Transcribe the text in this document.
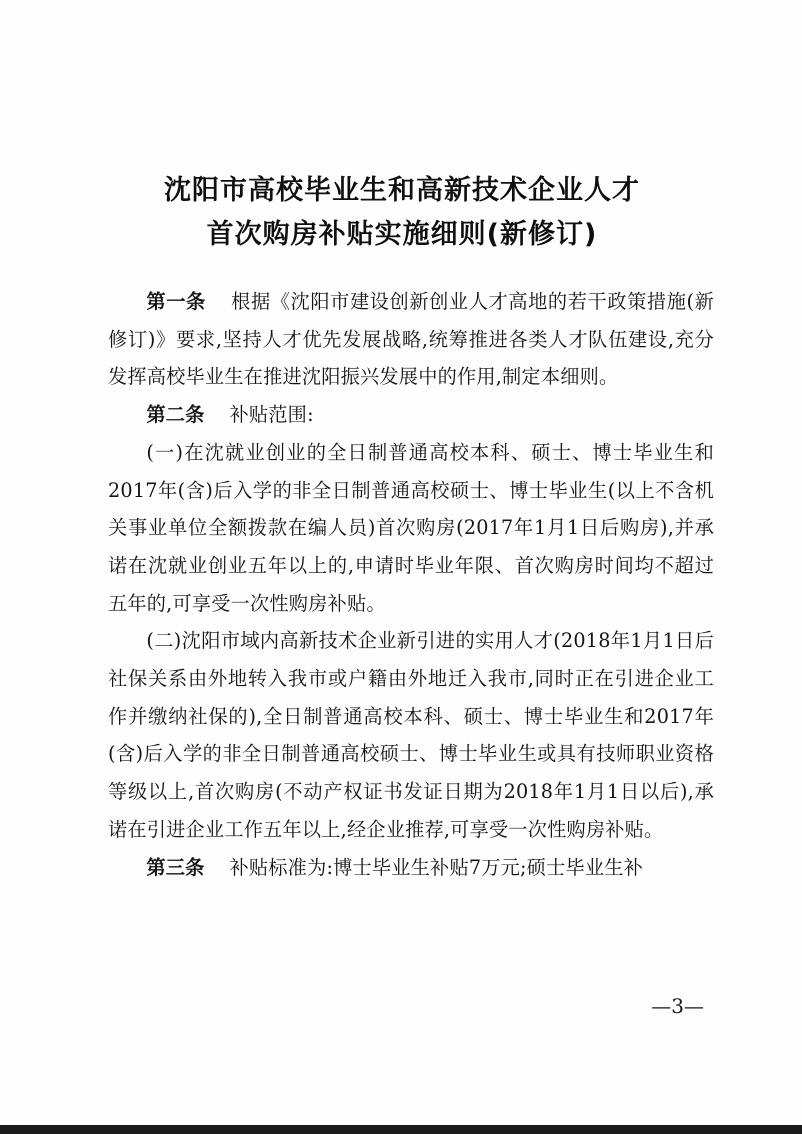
沈阳市高校毕业生和高新技术企业人才
首次购房补贴实施细则(新修订)

第一条 根据《沈阳市建设创新创业人才高地的若干政策措施(新修订)》要求,坚持人才优先发展战略,统筹推进各类人才队伍建设,充分发挥高校毕业生在推进沈阳振兴发展中的作用,制定本细则。

第二条 补贴范围:

(一)在沈就业创业的全日制普通高校本科、硕士、博士毕业生和2017年(含)后入学的非全日制普通高校硕士、博士毕业生(以上不含机关事业单位全额拨款在编人员)首次购房(2017年1月1日后购房),并承诺在沈就业创业五年以上的,申请时毕业年限、首次购房时间均不超过五年的,可享受一次性购房补贴。

(二)沈阳市域内高新技术企业新引进的实用人才(2018年1月1日后社保关系由外地转入我市或户籍由外地迁入我市,同时正在引进企业工作并缴纳社保的),全日制普通高校本科、硕士、博士毕业生和2017年(含)后入学的非全日制普通高校硕士、博士毕业生或具有技师职业资格等级以上,首次购房(不动产权证书发证日期为2018年1月1日以后),承诺在引进企业工作五年以上,经企业推荐,可享受一次性购房补贴。

第三条 补贴标准为:博士毕业生补贴7万元;硕士毕业生补

—3—
